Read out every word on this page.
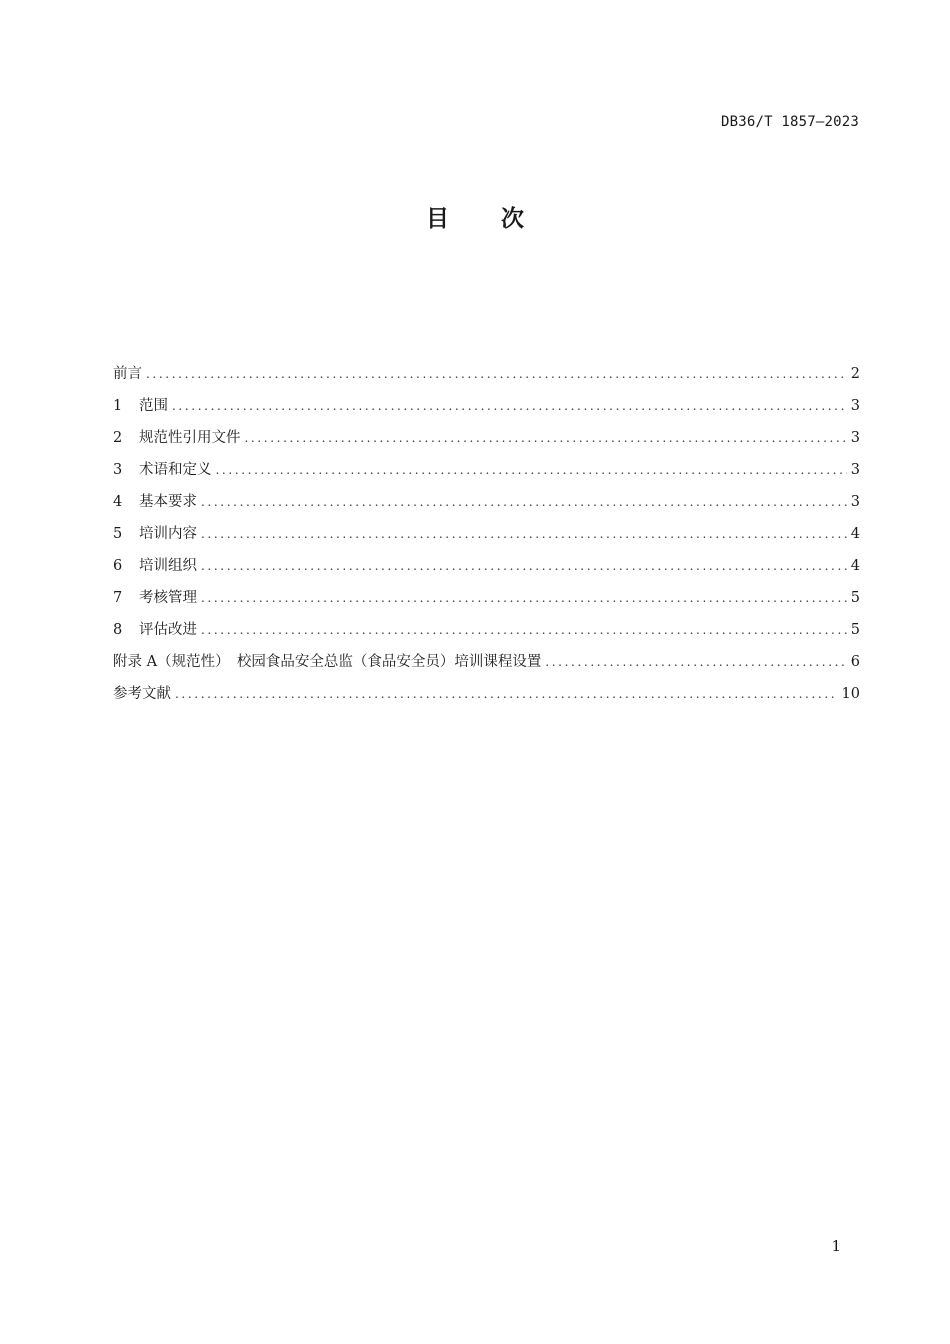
DB36/T 1857—2023
目 次
前言 . . .	2
1	范围 . . .	3
2	规范性引用文件 . . .	3
3	术语和定义 . . .	3
4	基本要求 . . .	3
5	培训内容 . . .	4
6	培训组织 . . .	4
7	考核管理 . . .	5
8	评估改进 . . .	5
附录 A（规范性）　校园食品安全总监（食品安全员）培训课程设置 . . .	6
参考文献 . . .	10
1
